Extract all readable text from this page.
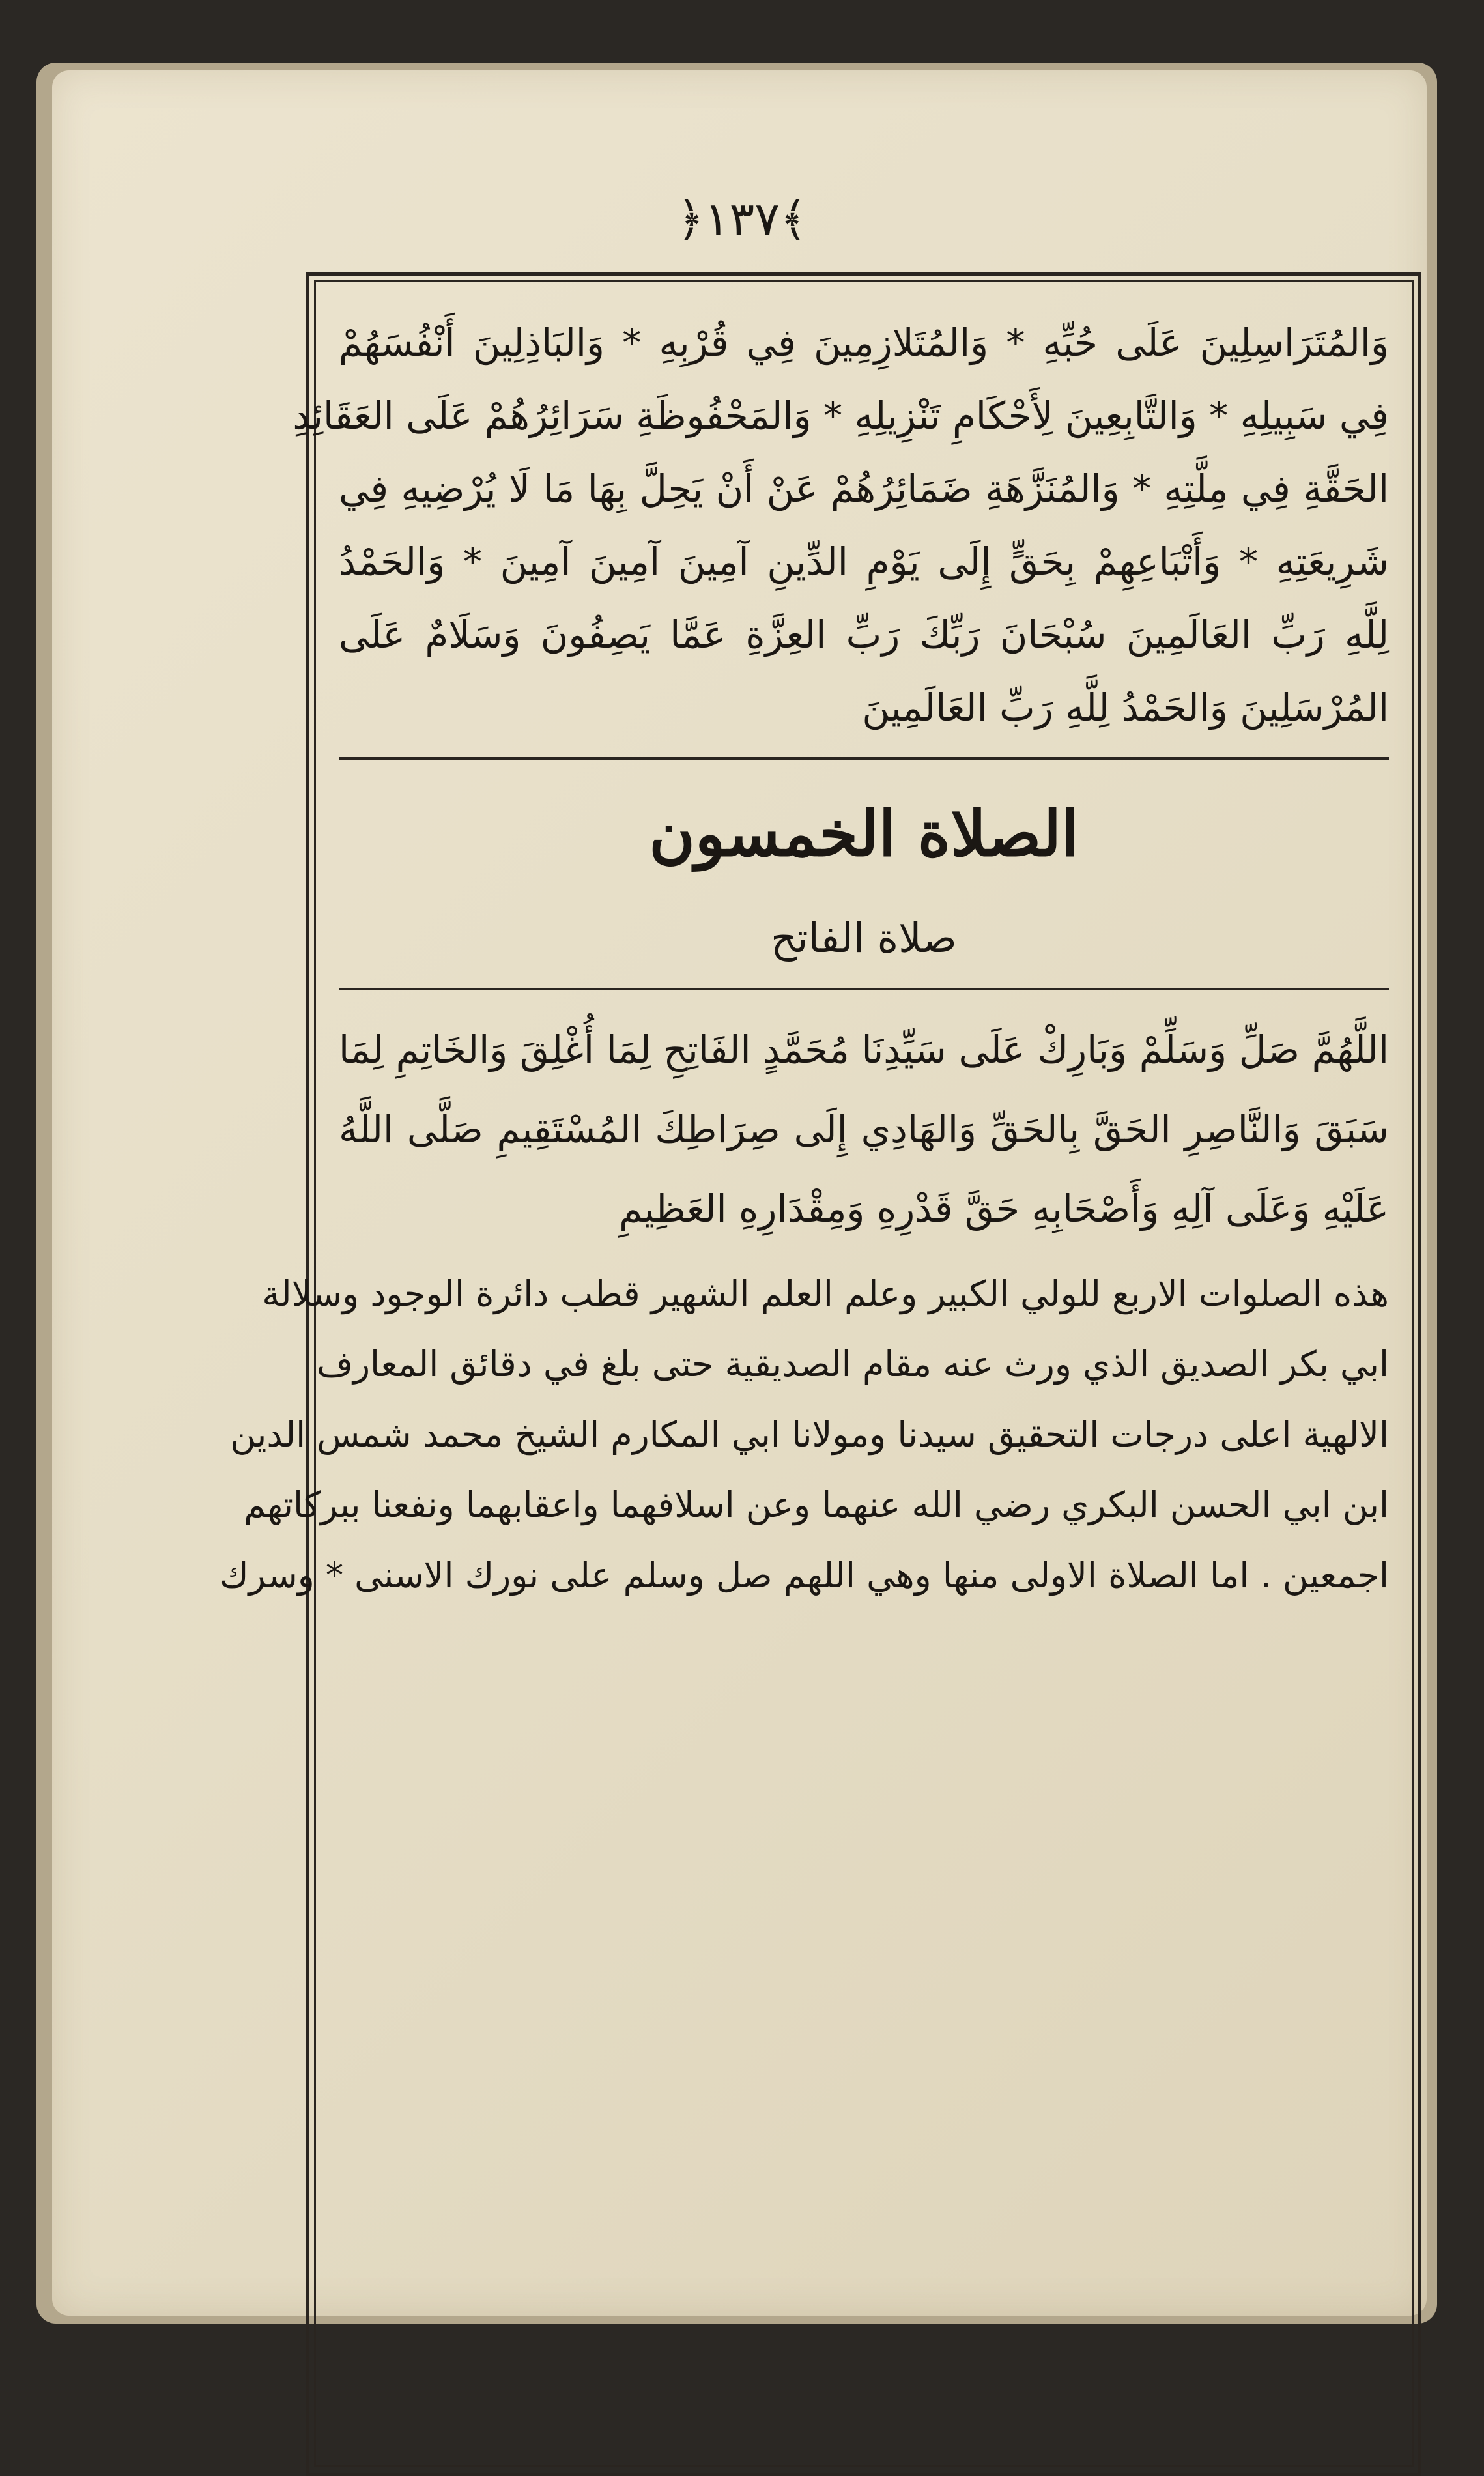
﴿١٣٧﴾
وَالمُتَرَاسِلِينَ عَلَى حُبِّهِ * وَالمُتَلازِمِينَ فِي قُرْبِهِ * وَالبَاذِلِينَ أَنْفُسَهُمْ
فِي سَبِيلِهِ * وَالتَّابِعِينَ لِأَحْكَامِ تَنْزِيلِهِ * وَالمَحْفُوظَةِ سَرَائِرُهُمْ عَلَى العَقَائِدِ
الحَقَّةِ فِي مِلَّتِهِ * وَالمُنَزَّهَةِ ضَمَائِرُهُمْ عَنْ أَنْ يَحِلَّ بِهَا مَا لَا يُرْضِيهِ فِي
شَرِيعَتِهِ * وَأَتْبَاعِهِمْ بِحَقٍّ إِلَى يَوْمِ الدِّينِ آمِينَ آمِينَ آمِينَ * وَالحَمْدُ
لِلَّهِ رَبِّ العَالَمِينَ سُبْحَانَ رَبِّكَ رَبِّ العِزَّةِ عَمَّا يَصِفُونَ وَسَلَامٌ عَلَى
المُرْسَلِينَ وَالحَمْدُ لِلَّهِ رَبِّ العَالَمِينَ
الصلاة الخمسون
صلاة الفاتح
اللَّهُمَّ صَلِّ وَسَلِّمْ وَبَارِكْ عَلَى سَيِّدِنَا مُحَمَّدٍ الفَاتِحِ لِمَا أُغْلِقَ وَالخَاتِمِ لِمَا
سَبَقَ وَالنَّاصِرِ الحَقَّ بِالحَقِّ وَالهَادِي إِلَى صِرَاطِكَ المُسْتَقِيمِ صَلَّى اللَّهُ
عَلَيْهِ وَعَلَى آلِهِ وَأَصْحَابِهِ حَقَّ قَدْرِهِ وَمِقْدَارِهِ العَظِيمِ
هذه الصلوات الاربع للولي الكبير وعلم العلم الشهير قطب دائرة الوجود وسلالة
ابي بكر الصديق الذي ورث عنه مقام الصديقية حتى بلغ في دقائق المعارف
الالهية اعلى درجات التحقيق سيدنا ومولانا ابي المكارم الشيخ محمد شمس الدين
ابن ابي الحسن البكري رضي الله عنهما وعن اسلافهما واعقابهما ونفعنا ببركاتهم
اجمعين . اما الصلاة الاولى منها وهي اللهم صل وسلم على نورك الاسنى * وسرك
